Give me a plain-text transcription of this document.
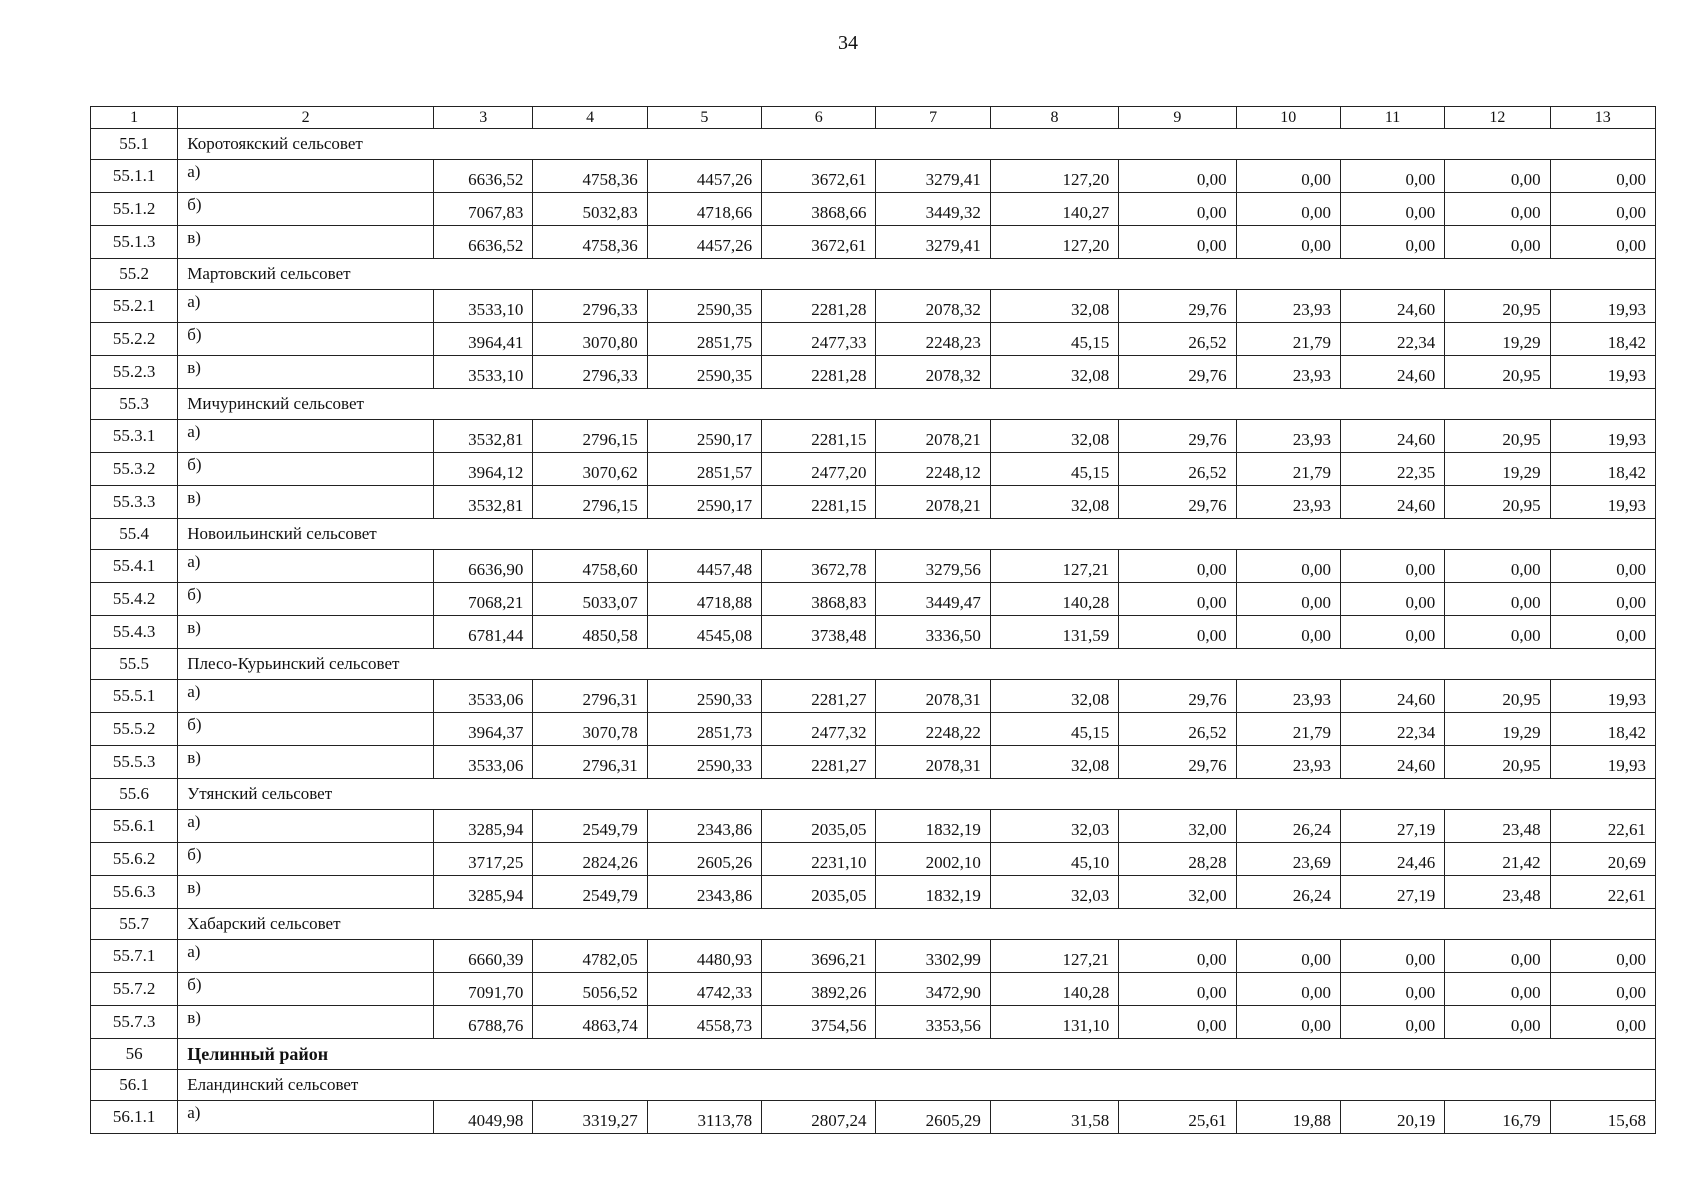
34
1	2	3	4	5	6	7	8	9	10	11	12	13
55.1	Коротоякский сельсовет											
55.1.1	а)	6636,52	4758,36	4457,26	3672,61	3279,41	127,20	0,00	0,00	0,00	0,00	0,00
55.1.2	б)	7067,83	5032,83	4718,66	3868,66	3449,32	140,27	0,00	0,00	0,00	0,00	0,00
55.1.3	в)	6636,52	4758,36	4457,26	3672,61	3279,41	127,20	0,00	0,00	0,00	0,00	0,00
55.2	Мартовский сельсовет											
55.2.1	а)	3533,10	2796,33	2590,35	2281,28	2078,32	32,08	29,76	23,93	24,60	20,95	19,93
55.2.2	б)	3964,41	3070,80	2851,75	2477,33	2248,23	45,15	26,52	21,79	22,34	19,29	18,42
55.2.3	в)	3533,10	2796,33	2590,35	2281,28	2078,32	32,08	29,76	23,93	24,60	20,95	19,93
55.3	Мичуринский сельсовет											
55.3.1	а)	3532,81	2796,15	2590,17	2281,15	2078,21	32,08	29,76	23,93	24,60	20,95	19,93
55.3.2	б)	3964,12	3070,62	2851,57	2477,20	2248,12	45,15	26,52	21,79	22,35	19,29	18,42
55.3.3	в)	3532,81	2796,15	2590,17	2281,15	2078,21	32,08	29,76	23,93	24,60	20,95	19,93
55.4	Новоильинский сельсовет											
55.4.1	а)	6636,90	4758,60	4457,48	3672,78	3279,56	127,21	0,00	0,00	0,00	0,00	0,00
55.4.2	б)	7068,21	5033,07	4718,88	3868,83	3449,47	140,28	0,00	0,00	0,00	0,00	0,00
55.4.3	в)	6781,44	4850,58	4545,08	3738,48	3336,50	131,59	0,00	0,00	0,00	0,00	0,00
55.5	Плесо-Курьинский сельсовет											
55.5.1	а)	3533,06	2796,31	2590,33	2281,27	2078,31	32,08	29,76	23,93	24,60	20,95	19,93
55.5.2	б)	3964,37	3070,78	2851,73	2477,32	2248,22	45,15	26,52	21,79	22,34	19,29	18,42
55.5.3	в)	3533,06	2796,31	2590,33	2281,27	2078,31	32,08	29,76	23,93	24,60	20,95	19,93
55.6	Утянский сельсовет											
55.6.1	а)	3285,94	2549,79	2343,86	2035,05	1832,19	32,03	32,00	26,24	27,19	23,48	22,61
55.6.2	б)	3717,25	2824,26	2605,26	2231,10	2002,10	45,10	28,28	23,69	24,46	21,42	20,69
55.6.3	в)	3285,94	2549,79	2343,86	2035,05	1832,19	32,03	32,00	26,24	27,19	23,48	22,61
55.7	Хабарский сельсовет											
55.7.1	а)	6660,39	4782,05	4480,93	3696,21	3302,99	127,21	0,00	0,00	0,00	0,00	0,00
55.7.2	б)	7091,70	5056,52	4742,33	3892,26	3472,90	140,28	0,00	0,00	0,00	0,00	0,00
55.7.3	в)	6788,76	4863,74	4558,73	3754,56	3353,56	131,10	0,00	0,00	0,00	0,00	0,00
56	Целинный район											
56.1	Еландинский сельсовет											
56.1.1	а)	4049,98	3319,27	3113,78	2807,24	2605,29	31,58	25,61	19,88	20,19	16,79	15,68
